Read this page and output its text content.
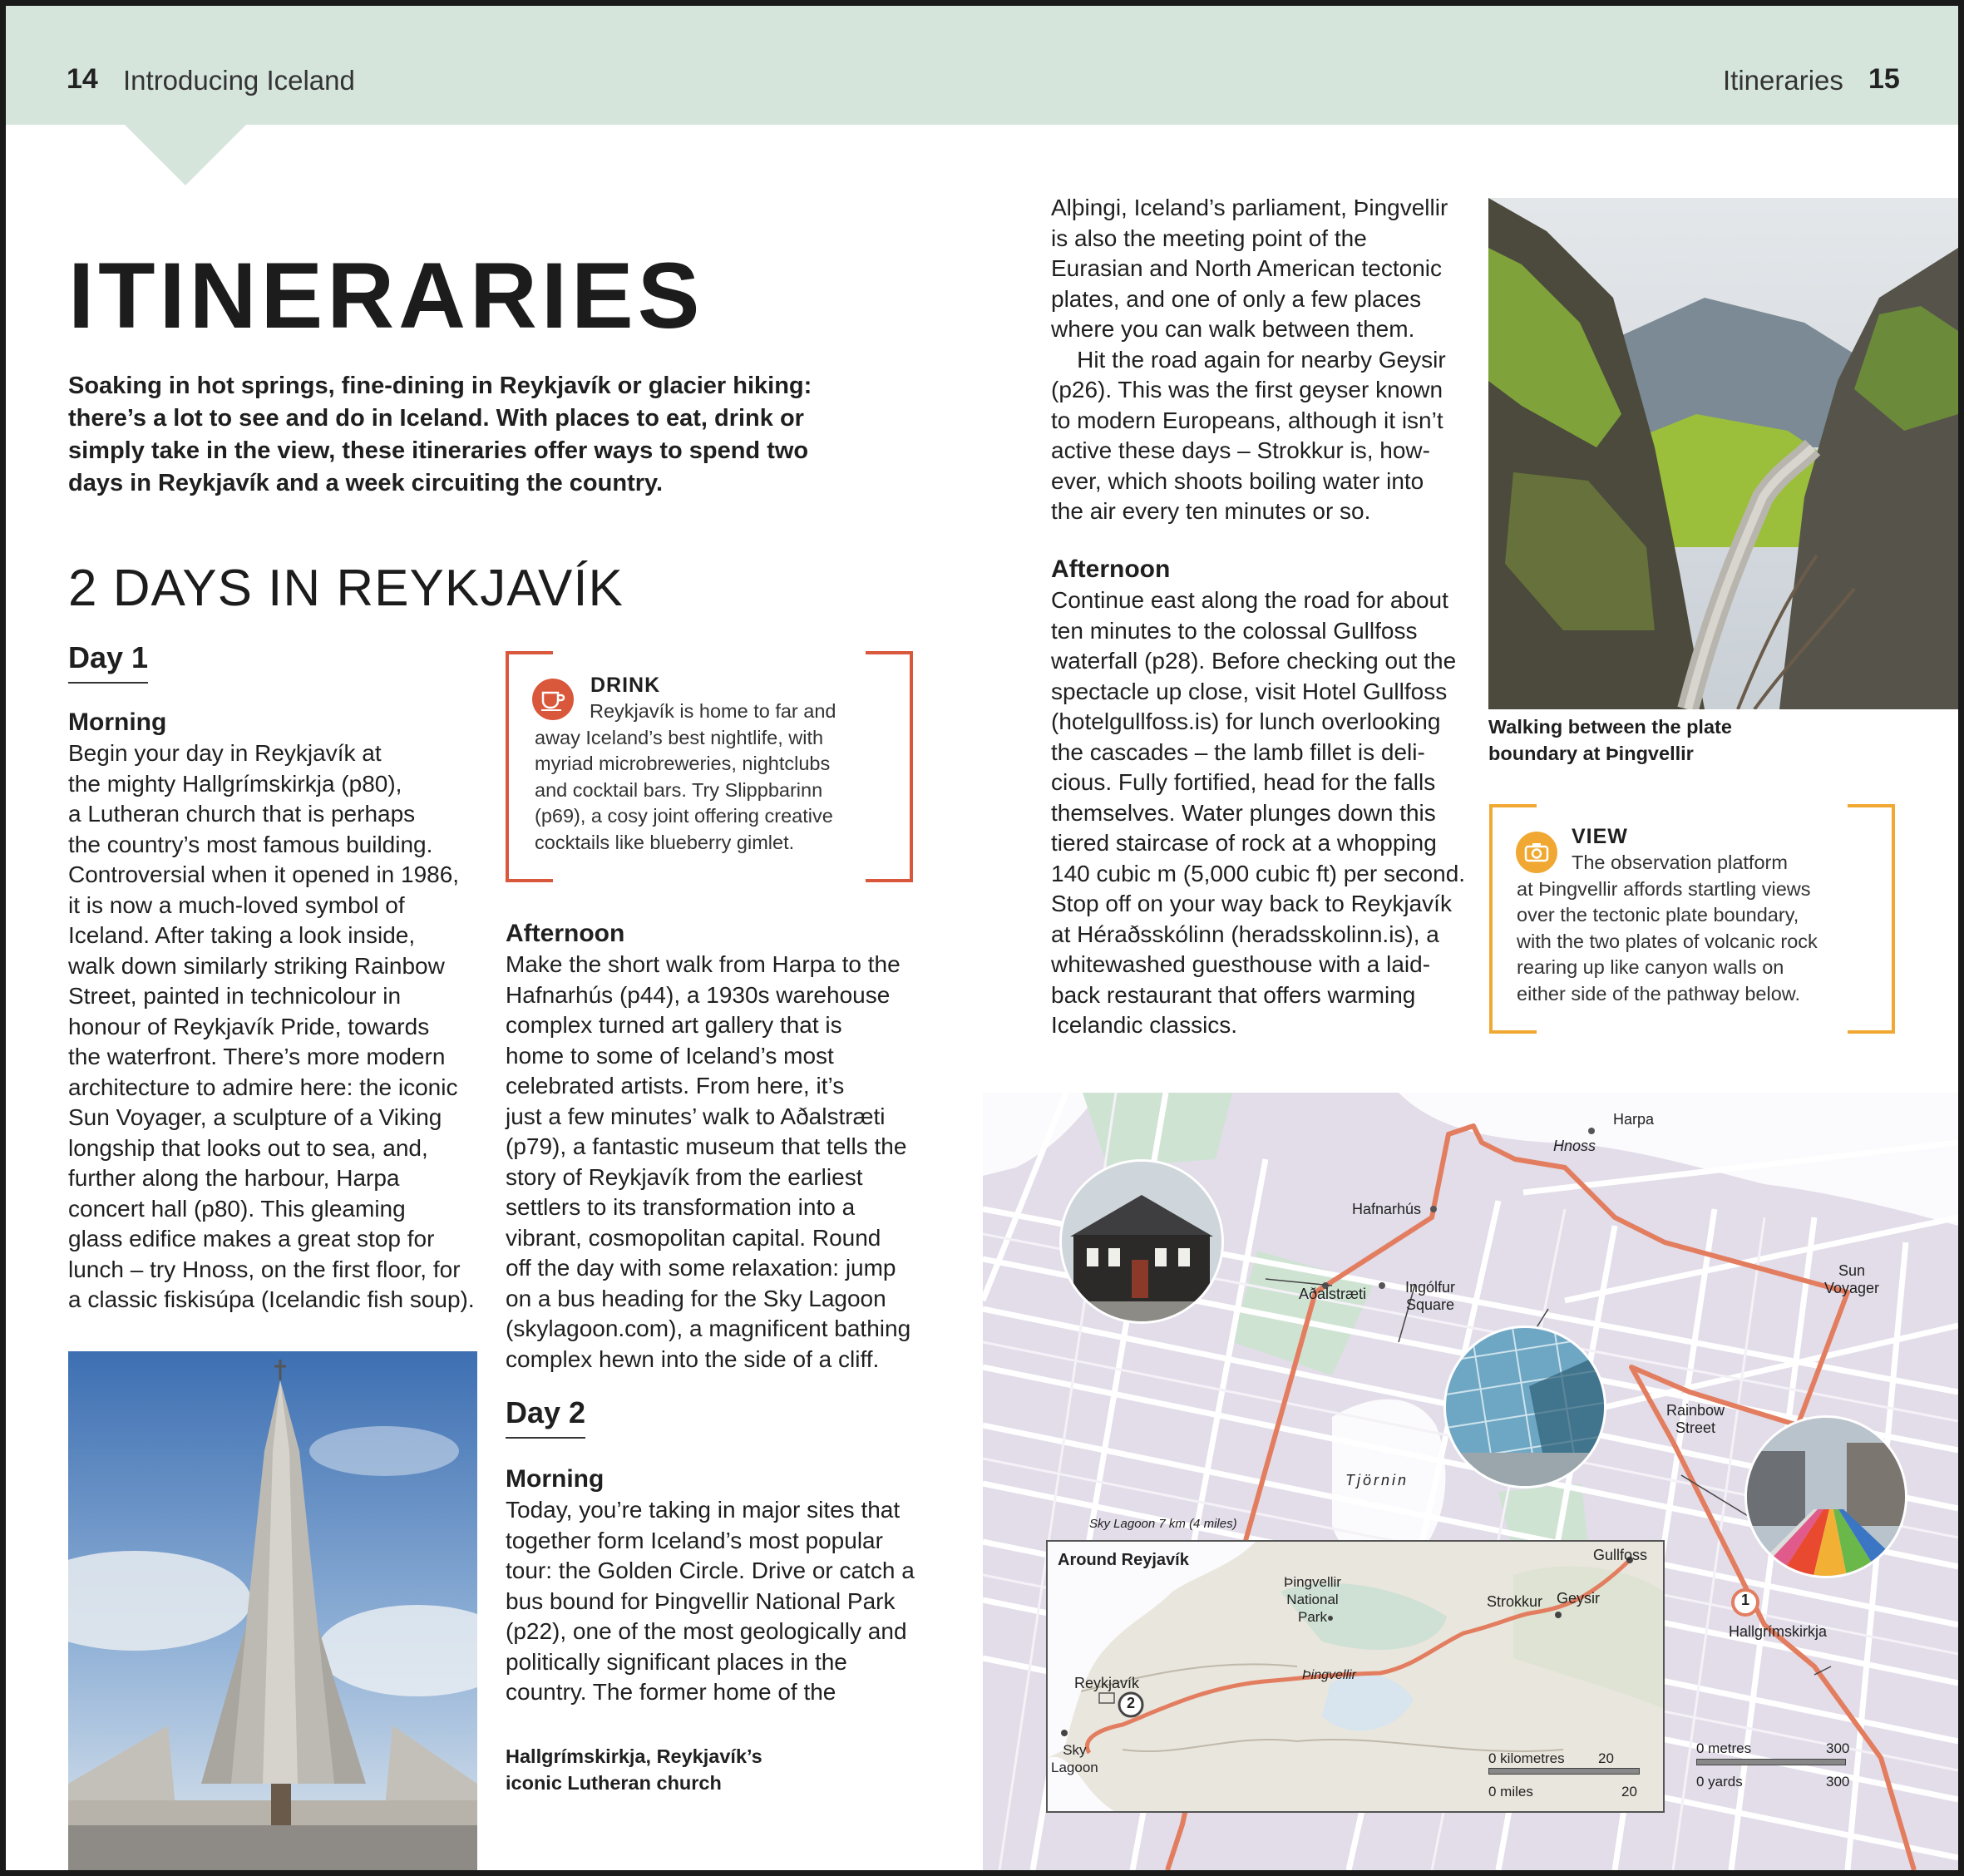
14 Introducing Iceland	Itineraries 15
ITINERARIES

Soaking in hot springs, fine-dining in Reykjavík or glacier hiking: there’s a lot to see and do in Iceland. With places to eat, drink or simply take in the view, these itineraries offer ways to spend two days in Reykjavík and a week circuiting the country.

2 DAYS IN REYKJAVÍK
Day 1
Morning
Begin your day in Reykjavík at
the mighty Hallgrímskirkja (p80),
a Lutheran church that is perhaps
the country’s most famous building.
Controversial when it opened in 1986,
it is now a much-loved symbol of
Iceland. After taking a look inside,
walk down similarly striking Rainbow
Street, painted in technicolour in
honour of Reykjavík Pride, towards
the waterfront. There’s more modern
architecture to admire here: the iconic
Sun Voyager, a sculpture of a Viking
longship that looks out to sea, and,
further along the harbour, Harpa
concert hall (p80). This gleaming
glass edifice makes a great stop for
lunch – try Hnoss, on the first floor, for
a classic fiskisúpa (Icelandic fish soup).
DRINK
Reykjavík is home to far and
away Iceland’s best nightlife, with
myriad microbreweries, nightclubs
and cocktail bars. Try Slippbarinn
(p69), a cosy joint offering creative
cocktails like blueberry gimlet.
Afternoon
Make the short walk from Harpa to the
Hafnarhús (p44), a 1930s warehouse
complex turned art gallery that is
home to some of Iceland’s most
celebrated artists. From here, it’s
just a few minutes’ walk to Aðalstræti
(p79), a fantastic museum that tells the
story of Reykjavík from the earliest
settlers to its transformation into a
vibrant, cosmopolitan capital. Round
off the day with some relaxation: jump
on a bus heading for the Sky Lagoon
(skylagoon.com), a magnificent bathing
complex hewn into the side of a cliff.
Day 2
Morning
Today, you’re taking in major sites that
together form Iceland’s most popular
tour: the Golden Circle. Drive or catch a
bus bound for Þingvellir National Park
(p22), one of the most geologically and
politically significant places in the
country. The former home of the
Hallgrímskirkja, Reykjavík’s
iconic Lutheran church
Alþingi, Iceland’s parliament, Þingvellir
is also the meeting point of the
Eurasian and North American tectonic
plates, and one of only a few places
where you can walk between them.
Hit the road again for nearby Geysir
(p26). This was the first geyser known
to modern Europeans, although it isn’t
active these days – Strokkur is, how-
ever, which shoots boiling water into
the air every ten minutes or so.
Afternoon
Continue east along the road for about
ten minutes to the colossal Gullfoss
waterfall (p28). Before checking out the
spectacle up close, visit Hotel Gullfoss
(hotelgullfoss.is) for lunch overlooking
the cascades – the lamb fillet is deli-
cious. Fully fortified, head for the falls
themselves. Water plunges down this
tiered staircase of rock at a whopping
140 cubic m (5,000 cubic ft) per second.
Stop off on your way back to Reykjavík
at Héraðsskólinn (heradsskolinn.is), a
whitewashed guesthouse with a laid-
back restaurant that offers warming
Icelandic classics.
Walking between the plate
boundary at Þingvellir
VIEW
The observation platform
at Þingvellir affords startling views
over the tectonic plate boundary,
with the two plates of volcanic rock
rearing up like canyon walls on
either side of the pathway below.
Harpa
Hnoss
Hafnarhús
Aðalstræti	Ingólfur
Square
Sun
Voyager
Rainbow
Street
Tjörnin
Sky Lagoon 7 km (4 miles)
1
Hallgrímskirkja
0 metres	300
0 yards	300
Around Reyjavík	Gullfoss
Þingvellir
National
Park
Strokkur Geysir
Þingvellir
Reykjavík
2
Sky
Lagoon
0 kilometres 20
0 miles	20
